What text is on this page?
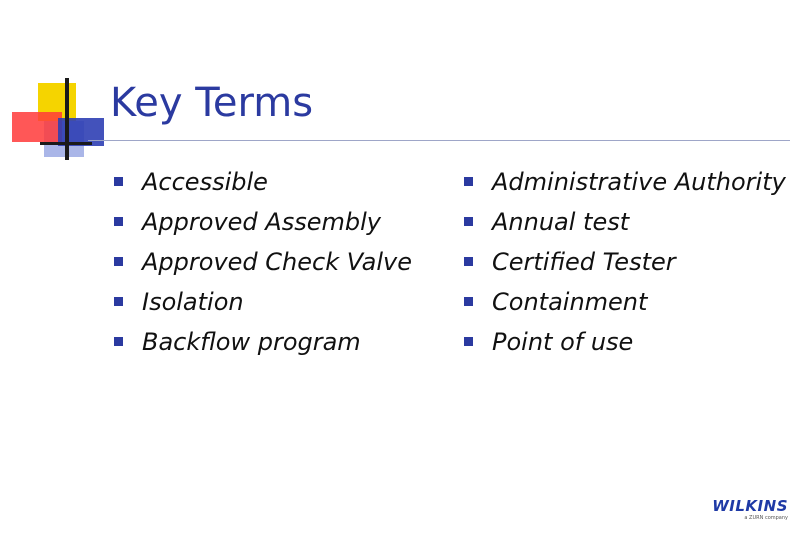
Key Terms
Accessible
Approved Assembly
Approved Check Valve
Isolation
Backflow program
Administrative Authority
Annual test
Certified Tester
Containment
Point of use
WILKINS
a ZURN company
